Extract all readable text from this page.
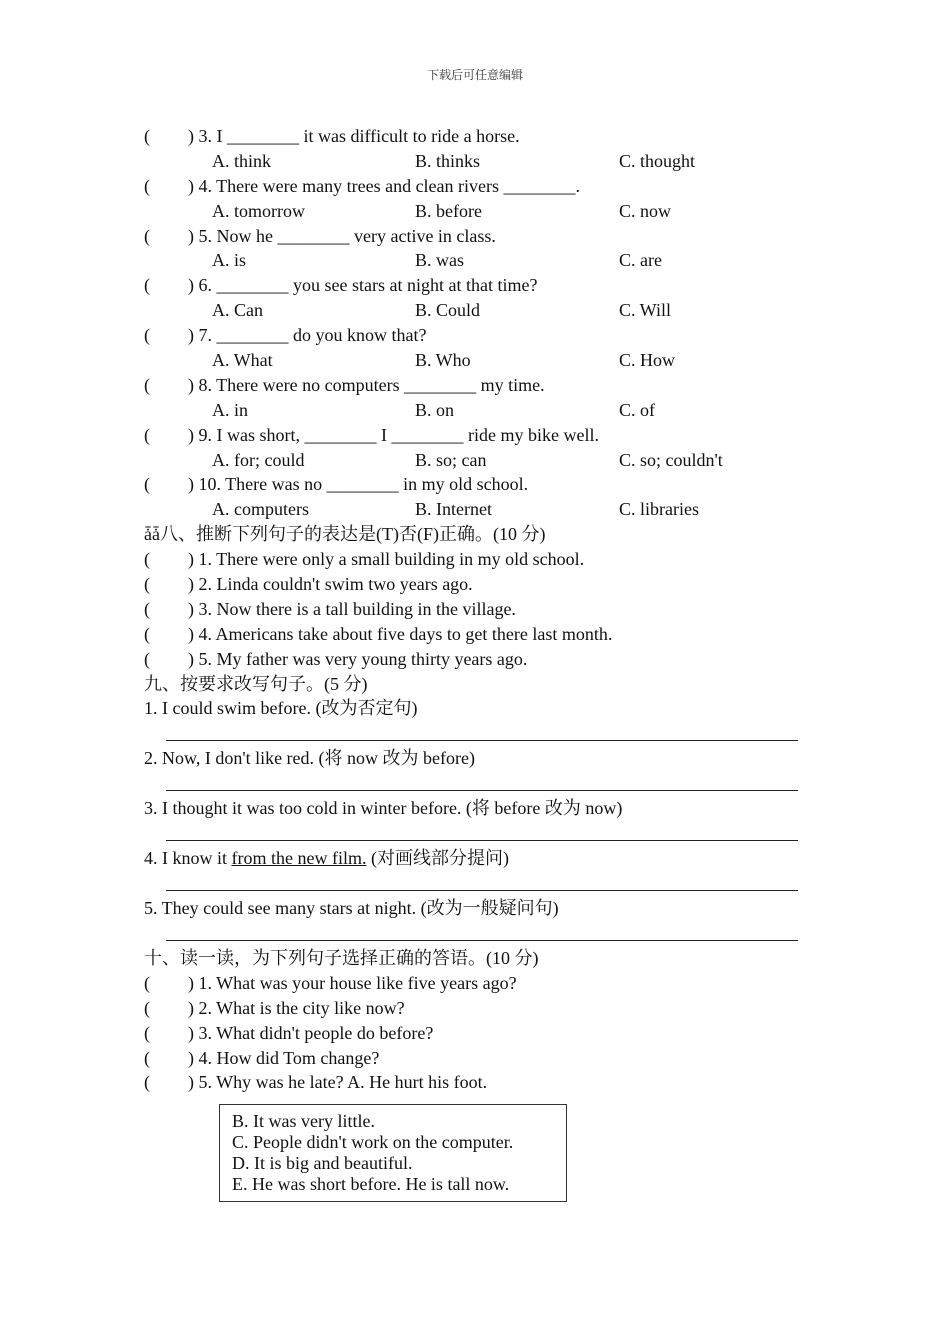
下载后可任意编辑
( ) 3. I ________ it was difficult to ride a horse.
A. think	B. thinks	C. thought
( ) 4. There were many trees and clean rivers ________.
A. tomorrow	B. before	C. now
( ) 5. Now he ________ very active in class.
A. is	B. was	C. are
( ) 6. ________ you see stars at night at that time?
A. Can	B. Could	C. Will
( ) 7. ________ do you know that?
A. What	B. Who	C. How
( ) 8. There were no computers ________ my time.
A. in	B. on	C. of
( ) 9. I was short, ________ I ________ ride my bike well.
A. for; could	B. so; can	C. so; couldn't
( ) 10. There was no ________ in my old school.
A. computers	B. Internet	C. libraries
ǡǡ八、推断下列句子的表达是(T)否(F)正确。(10 分)
( ) 1. There were only a small building in my old school.
( ) 2. Linda couldn't swim two years ago.
( ) 3. Now there is a tall building in the village.
( ) 4. Americans take about five days to get there last month.
( ) 5. My father was very young thirty years ago.
九、按要求改写句子。(5 分)
1. I could swim before. (改为否定句)
2. Now, I don't like red. (将 now 改为 before)
3. I thought it was too cold in winter before. (将 before 改为 now)
4. I know it from the new film. (对画线部分提问)
5. They could see many stars at night. (改为一般疑问句)
十、读一读，为下列句子选择正确的答语。(10 分)
( ) 1. What was your house like five years ago?
( ) 2. What is the city like now?
( ) 3. What didn't people do before?
( ) 4. How did Tom change?
( ) 5. Why was he late? A. He hurt his foot.
B. It was very little.
C. People didn't work on the computer.
D. It is big and beautiful.
E. He was short before. He is tall now.
